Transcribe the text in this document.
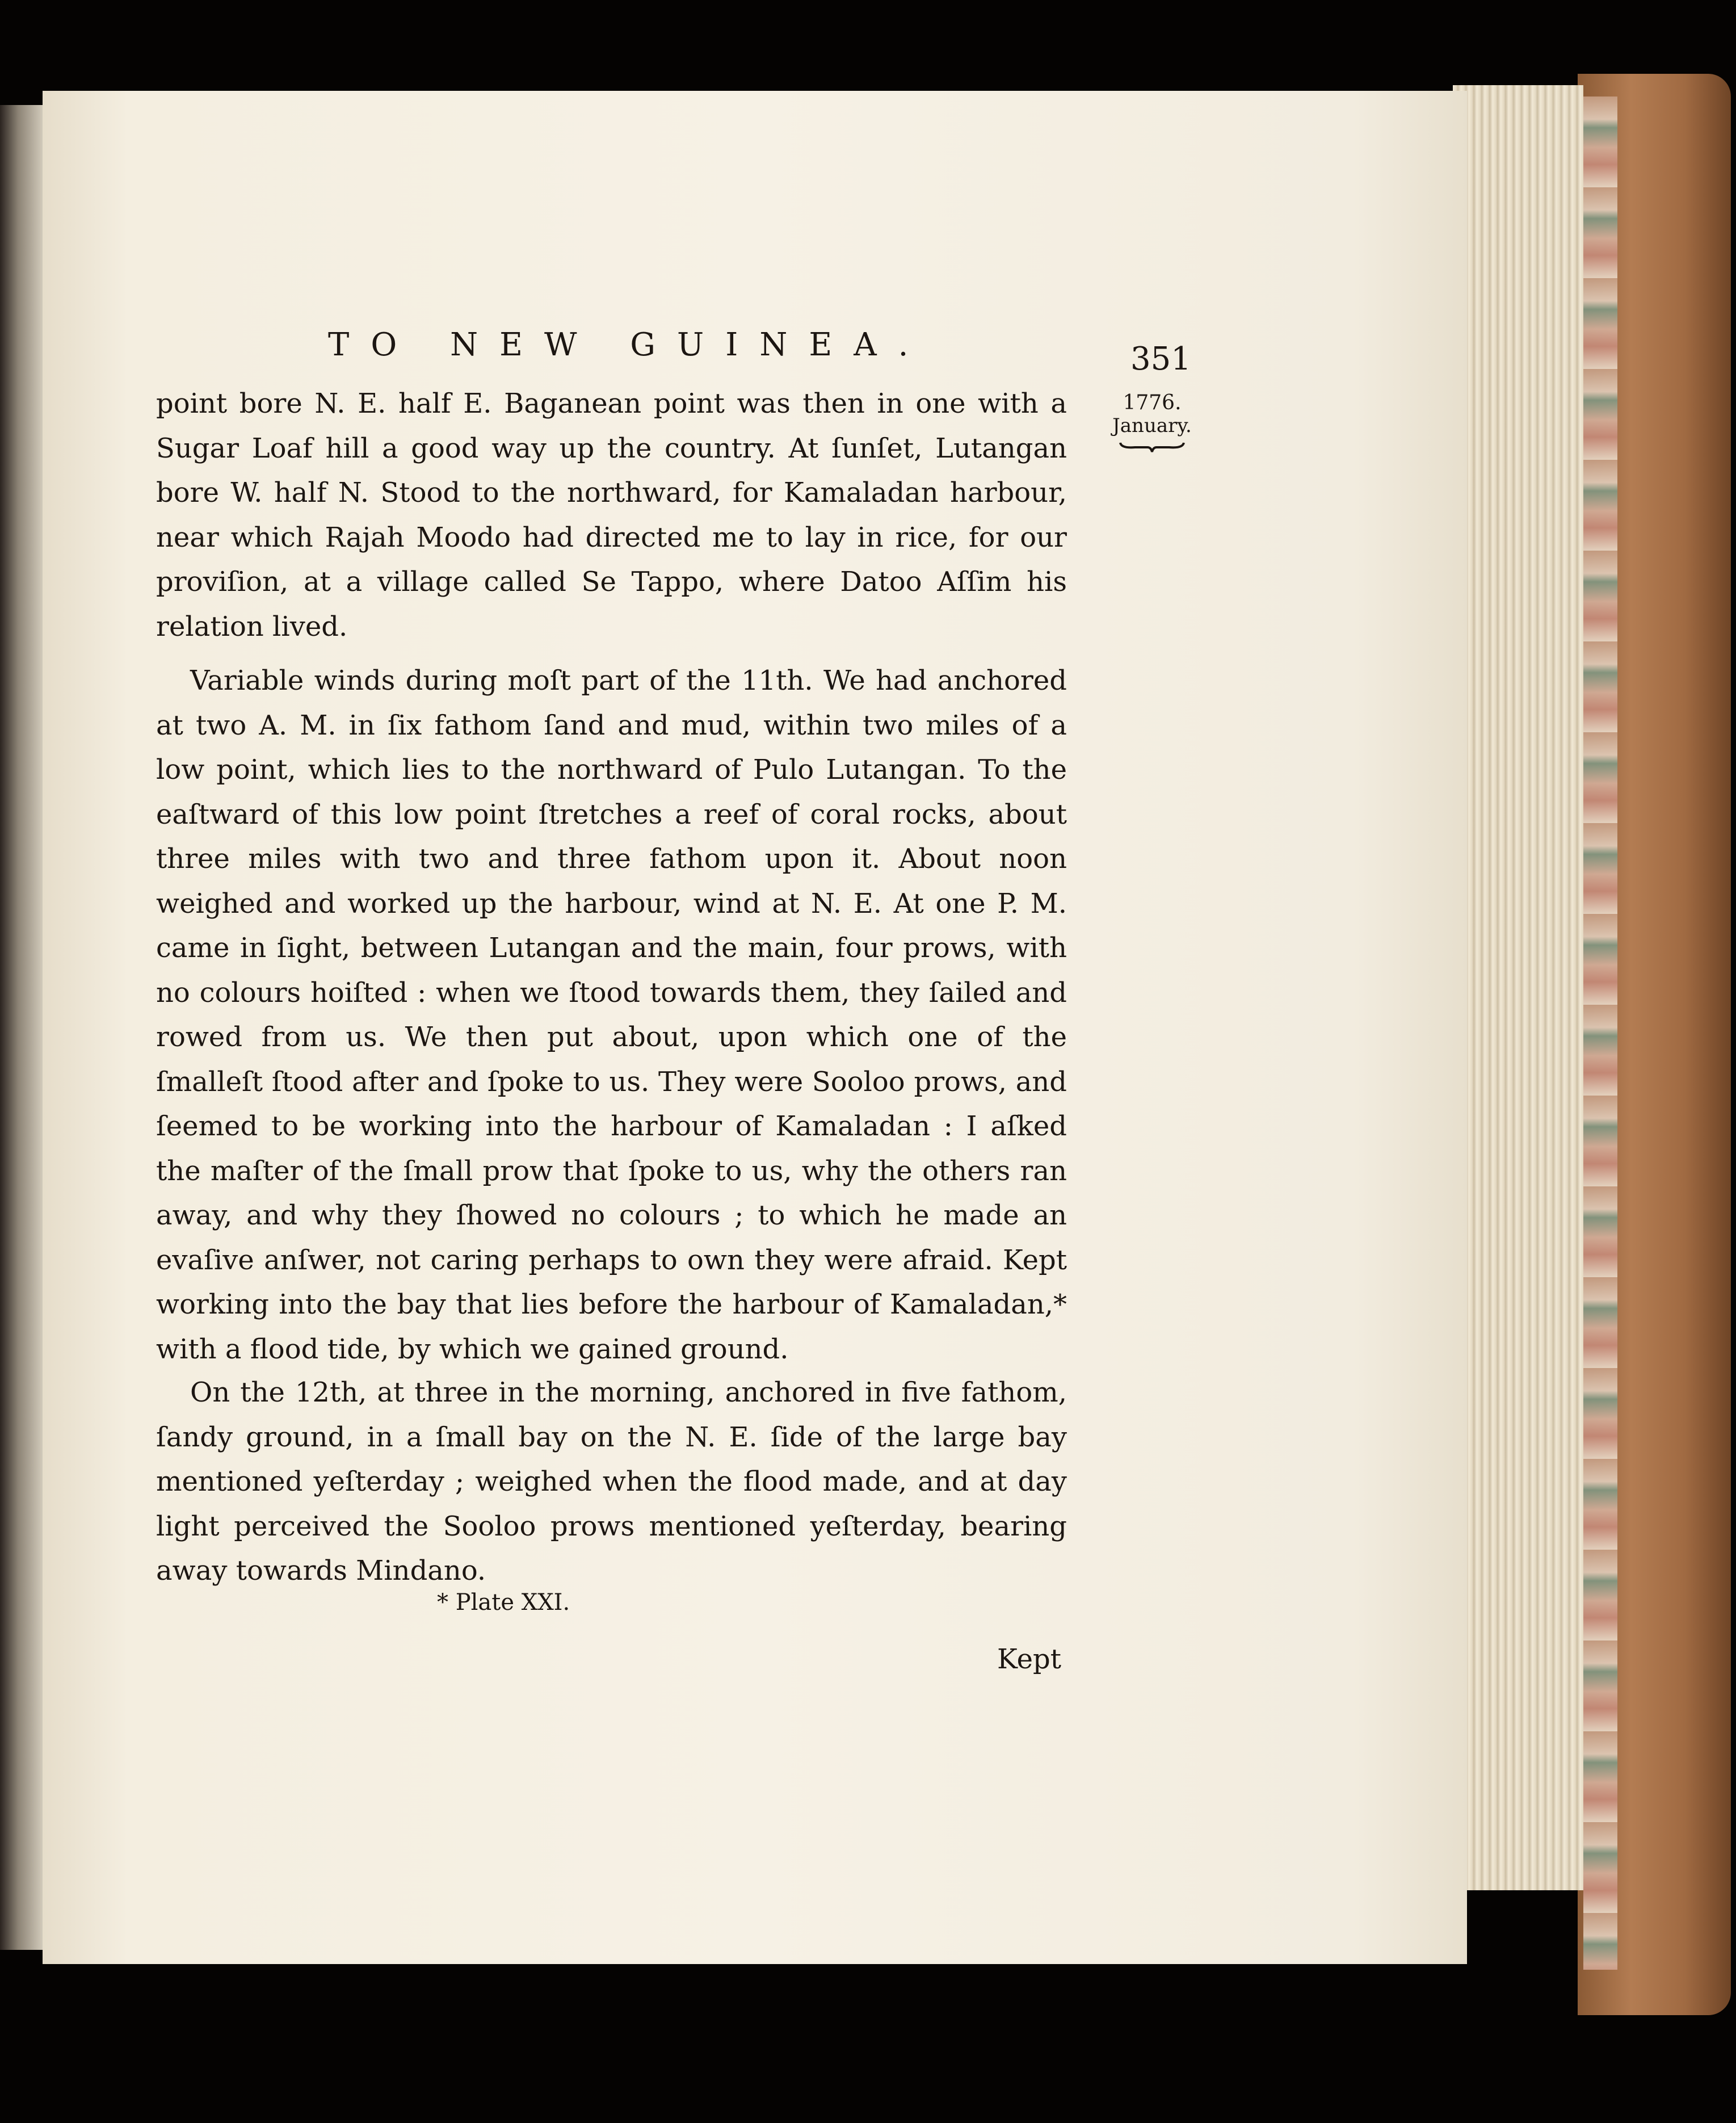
TO NEW GUINEA.	351
1776.
January.
point bore N. E. half E. Baganean point was then in one with a Sugar Loaf hill a good way up the country. At ſunſet, Lutangan bore W. half N. Stood to the northward, for Kamaladan harbour, near which Rajah Moodo had directed me to lay in rice, for our proviſion, at a village called Se Tappo, where Datoo Aſſim his relation lived.
Variable winds during moſt part of the 11th. We had anchored at two A. M. in ſix fathom ſand and mud, within two miles of a low point, which lies to the northward of Pulo Lutangan. To the eaſtward of this low point ſtretches a reef of coral rocks, about three miles with two and three fathom upon it. About noon weighed and worked up the harbour, wind at N. E. At one P. M. came in ſight, between Lutangan and the main, four prows, with no colours hoiſted : when we ſtood towards them, they ſailed and rowed from us. We then put about, upon which one of the ſmalleſt ſtood after and ſpoke to us. They were Sooloo prows, and ſeemed to be working into the harbour of Kamaladan : I aſked the maſter of the ſmall prow that ſpoke to us, why the others ran away, and why they ſhowed no colours ; to which he made an evaſive anſwer, not caring perhaps to own they were afraid. Kept working into the bay that lies before the harbour of Kamaladan,* with a flood tide, by which we gained ground.
On the 12th, at three in the morning, anchored in five fathom, ſandy ground, in a ſmall bay on the N. E. ſide of the large bay mentioned yeſterday ; weighed when the flood made, and at day light perceived the Sooloo prows mentioned yeſterday, bearing away towards Mindano.
* Plate XXI.
Kept
